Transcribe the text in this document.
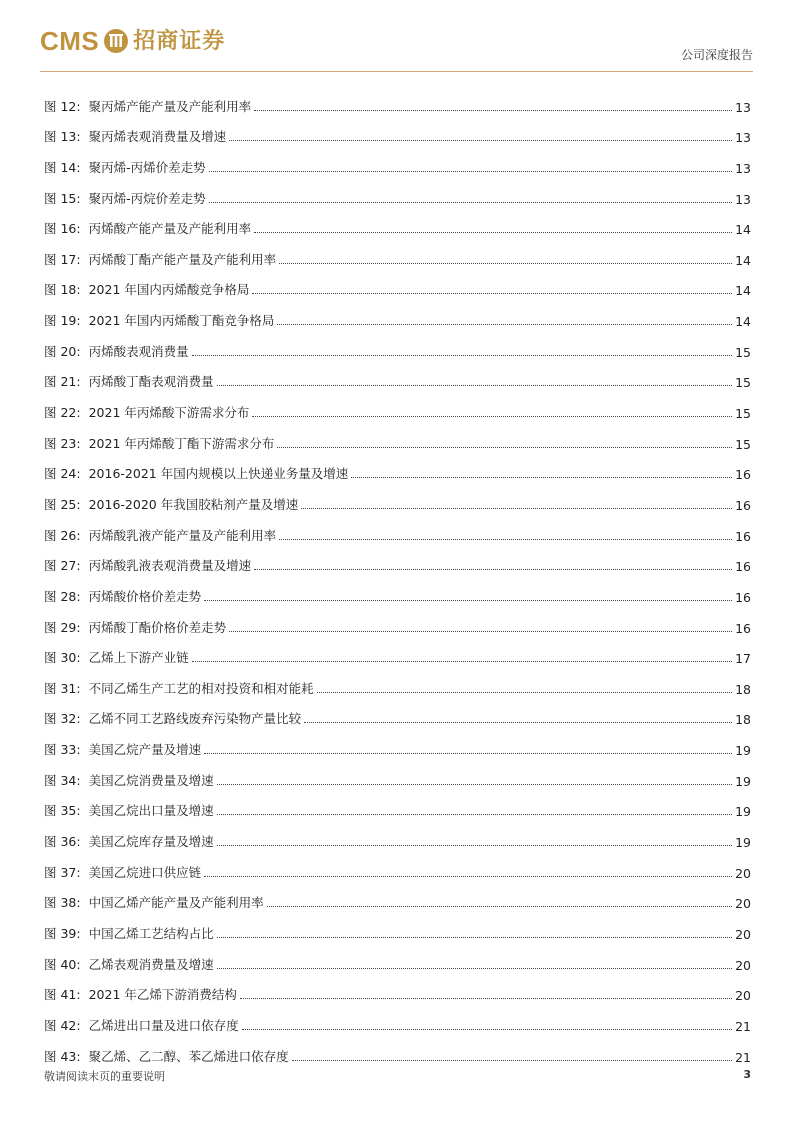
CMS 招商证券
公司深度报告
图 12: 聚丙烯产能产量及产能利用率	13
图 13: 聚丙烯表观消费量及增速	13
图 14: 聚丙烯-丙烯价差走势	13
图 15: 聚丙烯-丙烷价差走势	13
图 16: 丙烯酸产能产量及产能利用率	14
图 17: 丙烯酸丁酯产能产量及产能利用率	14
图 18: 2021 年国内丙烯酸竞争格局	14
图 19: 2021 年国内丙烯酸丁酯竞争格局	14
图 20: 丙烯酸表观消费量	15
图 21: 丙烯酸丁酯表观消费量	15
图 22: 2021 年丙烯酸下游需求分布	15
图 23: 2021 年丙烯酸丁酯下游需求分布	15
图 24: 2016-2021 年国内规模以上快递业务量及增速	16
图 25: 2016-2020 年我国胶粘剂产量及增速	16
图 26: 丙烯酸乳液产能产量及产能利用率	16
图 27: 丙烯酸乳液表观消费量及增速	16
图 28: 丙烯酸价格价差走势	16
图 29: 丙烯酸丁酯价格价差走势	16
图 30: 乙烯上下游产业链	17
图 31: 不同乙烯生产工艺的相对投资和相对能耗	18
图 32: 乙烯不同工艺路线废弃污染物产量比较	18
图 33: 美国乙烷产量及增速	19
图 34: 美国乙烷消费量及增速	19
图 35: 美国乙烷出口量及增速	19
图 36: 美国乙烷库存量及增速	19
图 37: 美国乙烷进口供应链	20
图 38: 中国乙烯产能产量及产能利用率	20
图 39: 中国乙烯工艺结构占比	20
图 40: 乙烯表观消费量及增速	20
图 41: 2021 年乙烯下游消费结构	20
图 42: 乙烯进出口量及进口依存度	21
图 43: 聚乙烯、乙二醇、苯乙烯进口依存度	21
敬请阅读末页的重要说明	3
